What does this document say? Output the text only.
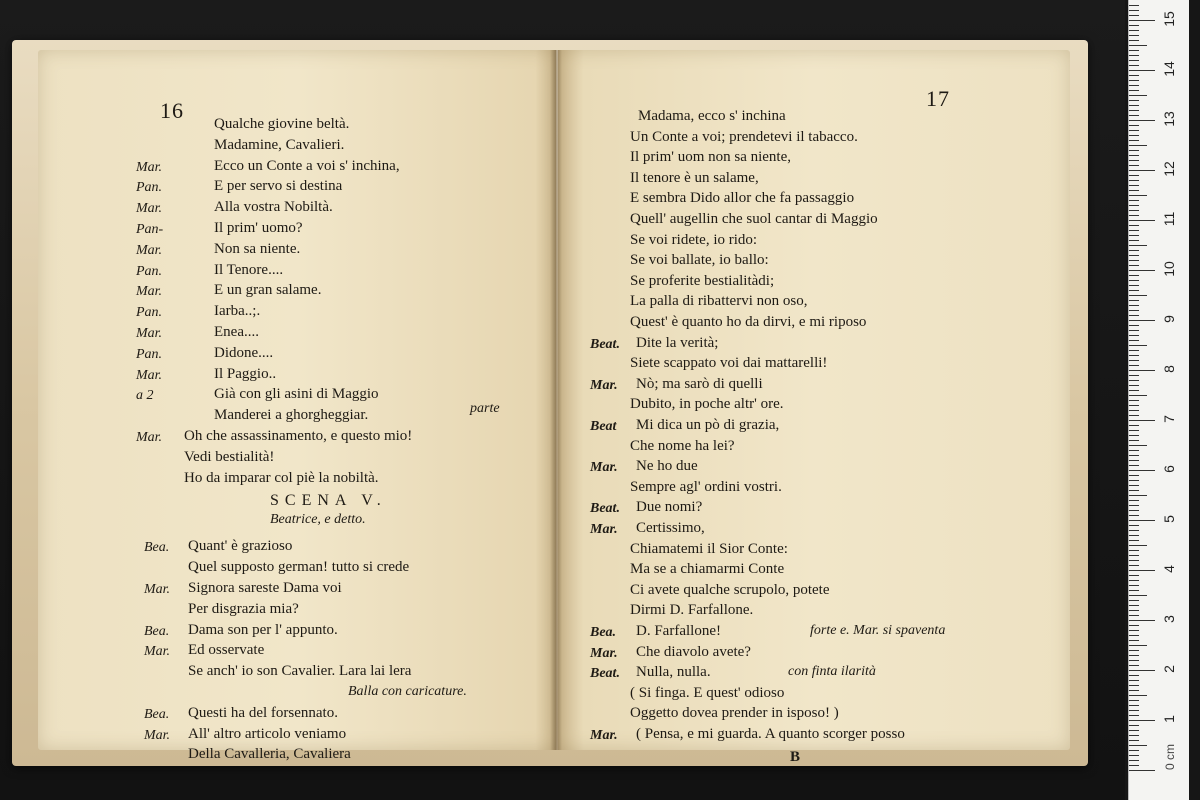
16
Qualche giovine beltà.
Madamine, Cavalieri.
Mar.	Ecco un Conte a voi s' inchina,
Pan.	E per servo si destina
Mar.	Alla vostra Nobiltà.
Pan-	Il prim' uomo?
Mar.	Non sa niente.
Pan.	Il Tenore....
Mar.	E un gran salame.
Pan.	Iarba..;.
Mar.	Enea....
Pan.	Didone....
Mar.	Il Paggio..
a 2	Già con gli asini di Maggio
Manderei a ghorgheggiar.	parte
Mar. Oh che assassinamento, e questo mio!
Vedi bestialità!
Ho da imparar col piè la nobiltà.
SCENA V.
Beatrice, e detto.
Bea. Quant' è grazioso
Quel supposto german! tutto si crede
Mar. Signora sareste Dama voi
Per disgrazia mia?
Bea. Dama son per l' appunto.
Mar. Ed osservate
Se anch' io son Cavalier. Lara lai lera
Balla con caricature.
Bea. Questi ha del forsennato.
Mar. All' altro articolo veniamo
Della Cavalleria, Cavaliera
17
Madama, ecco s' inchina
Un Conte a voi; prendetevi il tabacco.
Il prim' uom non sa niente,
Il tenore è un salame,
E sembra Dido allor che fa passaggio
Quell' augellin che suol cantar di Maggio
Se voi ridete, io rido:
Se voi ballate, io ballo:
Se proferite bestialitàdi;
La palla di ribattervi non oso,
Quest' è quanto ho da dirvi, e mi riposo
Beat. Dite la verità;
Siete scappato voi dai mattarelli!
Mar. Nò; ma sarò di quelli
Dubito, in poche altr' ore.
Beat Mi dica un pò di grazia,
Che nome ha lei?
Mar. Ne ho due
Sempre agl' ordini vostri.
Beat. Due nomi?
Mar. Certissimo,
Chiamatemi il Sior Conte:
Ma se a chiamarmi Conte
Ci avete qualche scrupolo, potete
Dirmi D. Farfallone.
Bea. D. Farfallone!	forte e. Mar. si spaventa
Mar. Che diavolo avete?
Beat. Nulla, nulla.	con finta ilarità
( Si finga. E quest' odioso
Oggetto dovea prender in isposo! )
Mar. ( Pensa, e mi guarda. A quanto scorger posso
B	0 cm
1
2
3
4
5
6
7
8
9
10
11
12
13
14
15
